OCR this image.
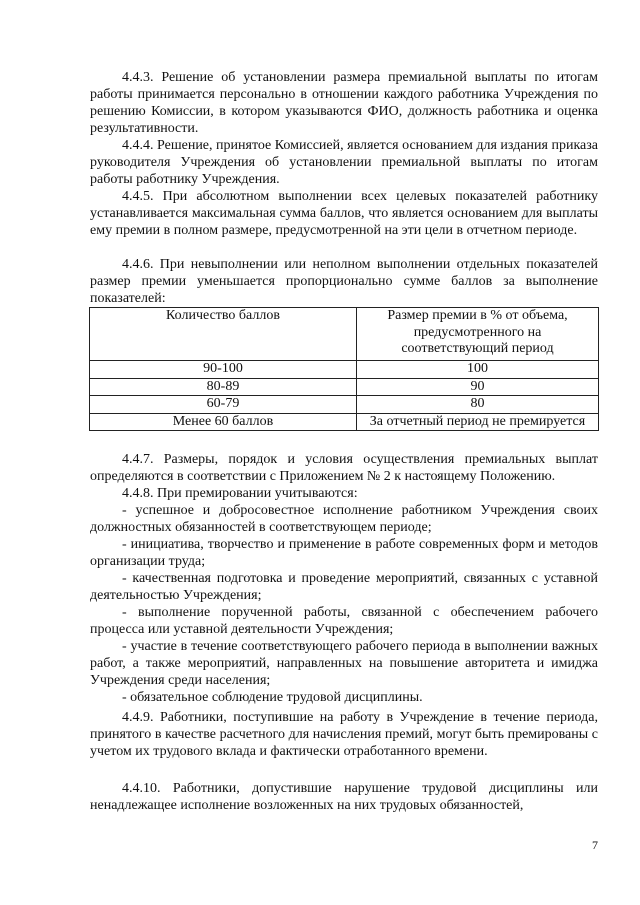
4.4.3. Решение об установлении размера премиальной выплаты по итогам работы принимается персонально в отношении каждого работника Учреждения по решению Комиссии, в котором указываются ФИО, должность работника и оценка результативности.

4.4.4. Решение, принятое Комиссией, является основанием для издания приказа руководителя Учреждения об установлении премиальной выплаты по итогам работы работнику Учреждения.

4.4.5. При абсолютном выполнении всех целевых показателей работнику устанавливается максимальная сумма баллов, что является основанием для выплаты ему премии в полном размере, предусмотренной на эти цели в отчетном периоде.

4.4.6. При невыполнении или неполном выполнении отдельных показателей размер премии уменьшается пропорционально сумме баллов за выполнение показателей:

Количество баллов	Размер премии в % от объема, предусмотренного на соответствующий период
90-100	100
80-89	90
60-79	80
Менее 60 баллов	За отчетный период не премируется

4.4.7. Размеры, порядок и условия осуществления премиальных выплат определяются в соответствии с Приложением № 2 к настоящему Положению.

4.4.8. При премировании учитываются:

- успешное и добросовестное исполнение работником Учреждения своих должностных обязанностей в соответствующем периоде;

- инициатива, творчество и применение в работе современных форм и методов организации труда;

- качественная подготовка и проведение мероприятий, связанных с уставной деятельностью Учреждения;

- выполнение порученной работы, связанной с обеспечением рабочего процесса или уставной деятельности Учреждения;

- участие в течение соответствующего рабочего периода в выполнении важных работ, а также мероприятий, направленных на повышение авторитета и имиджа Учреждения среди населения;

- обязательное соблюдение трудовой дисциплины.

4.4.9. Работники, поступившие на работу в Учреждение в течение периода, принятого в качестве расчетного для начисления премий, могут быть премированы с учетом их трудового вклада и фактически отработанного времени.

4.4.10. Работники, допустившие нарушение трудовой дисциплины или ненадлежащее исполнение возложенных на них трудовых обязанностей,

7
